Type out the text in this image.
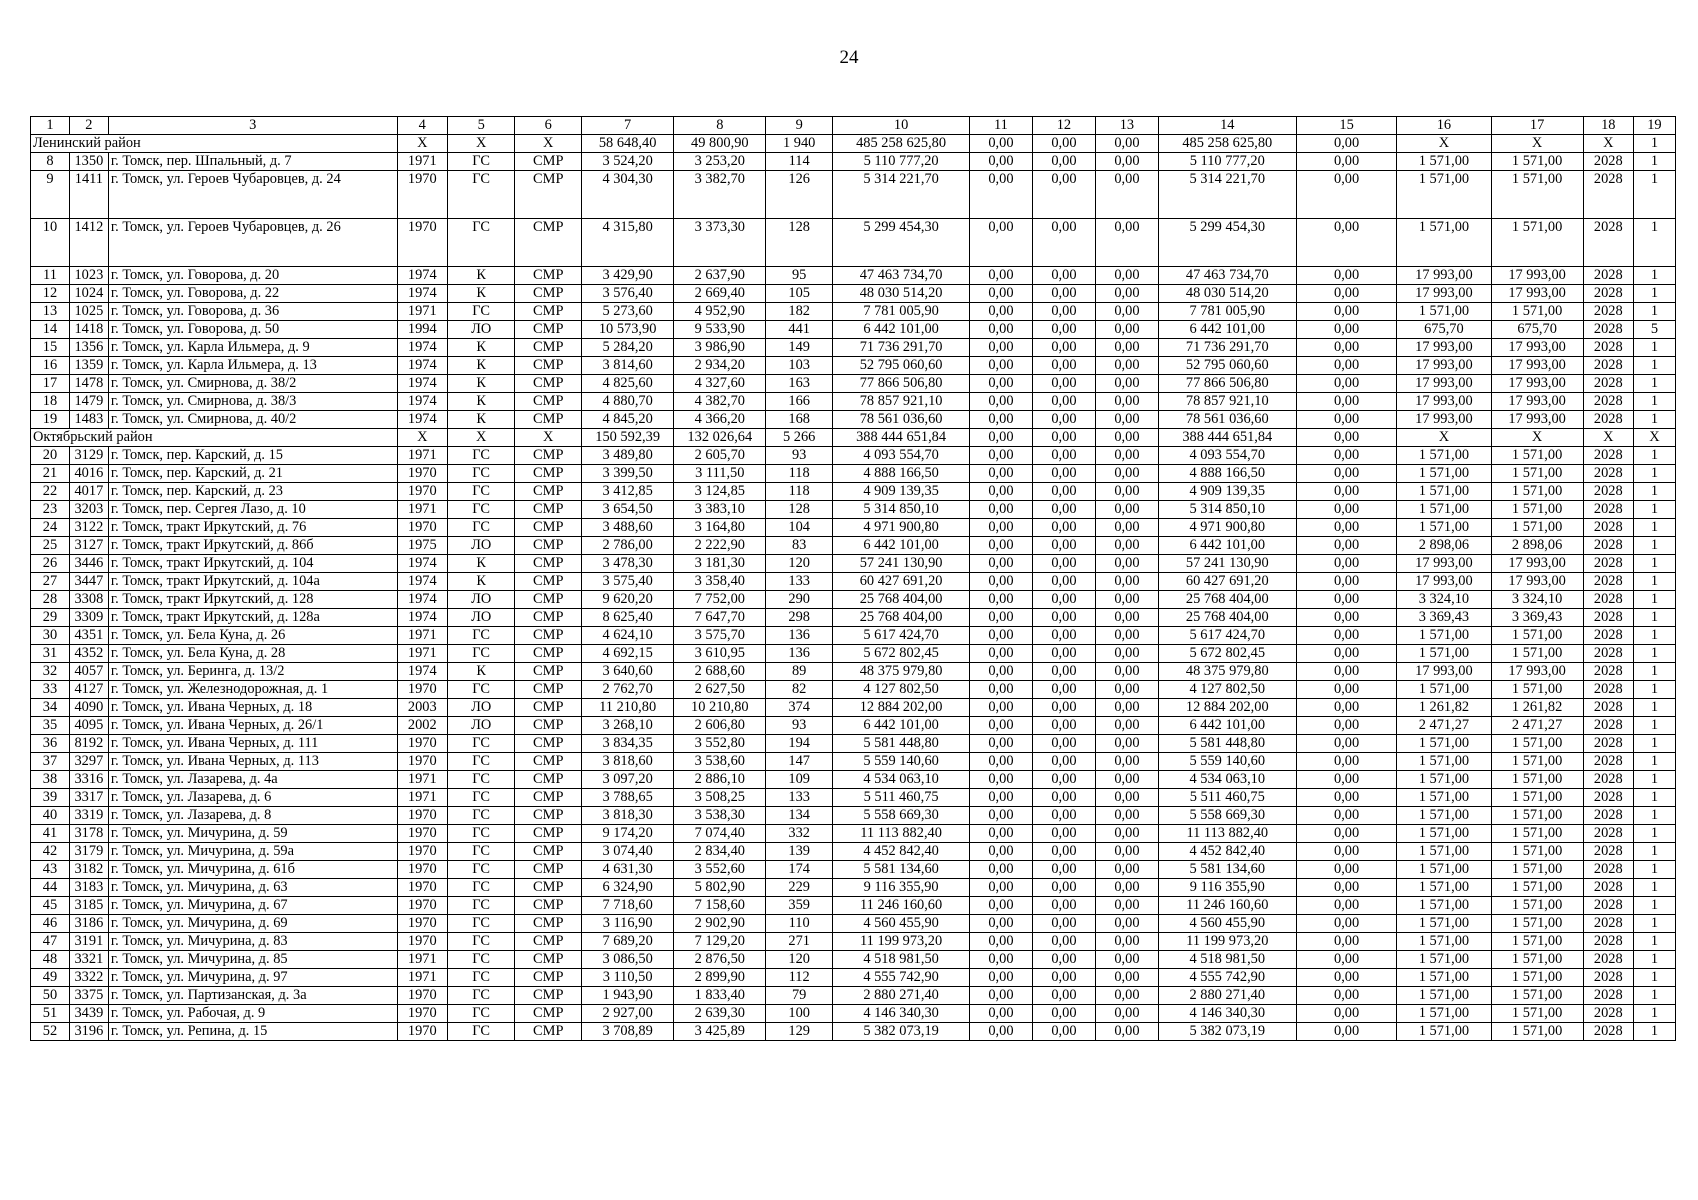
24
1	2	3	4	5	6	7	8	9	10	11	12	13	14	15	16	17	18	19
Ленинский район			X	X	X	58 648,40	49 800,90	1 940	485 258 625,80	0,00	0,00	0,00	485 258 625,80	0,00	X	X	X	1
8	1350	г. Томск, пер. Шпальный, д. 7	1971	ГС	СМР	3 524,20	3 253,20	114	5 110 777,20	0,00	0,00	0,00	5 110 777,20	0,00	1 571,00	1 571,00	2028	1
9	1411	г. Томск, ул. Героев Чубаровцев, д. 24	1970	ГС	СМР	4 304,30	3 382,70	126	5 314 221,70	0,00	0,00	0,00	5 314 221,70	0,00	1 571,00	1 571,00	2028	1
10	1412	г. Томск, ул. Героев Чубаровцев, д. 26	1970	ГС	СМР	4 315,80	3 373,30	128	5 299 454,30	0,00	0,00	0,00	5 299 454,30	0,00	1 571,00	1 571,00	2028	1
11	1023	г. Томск, ул. Говорова, д. 20	1974	К	СМР	3 429,90	2 637,90	95	47 463 734,70	0,00	0,00	0,00	47 463 734,70	0,00	17 993,00	17 993,00	2028	1
12	1024	г. Томск, ул. Говорова, д. 22	1974	К	СМР	3 576,40	2 669,40	105	48 030 514,20	0,00	0,00	0,00	48 030 514,20	0,00	17 993,00	17 993,00	2028	1
13	1025	г. Томск, ул. Говорова, д. 36	1971	ГС	СМР	5 273,60	4 952,90	182	7 781 005,90	0,00	0,00	0,00	7 781 005,90	0,00	1 571,00	1 571,00	2028	1
14	1418	г. Томск, ул. Говорова, д. 50	1994	ЛО	СМР	10 573,90	9 533,90	441	6 442 101,00	0,00	0,00	0,00	6 442 101,00	0,00	675,70	675,70	2028	5
15	1356	г. Томск, ул. Карла Ильмера, д. 9	1974	К	СМР	5 284,20	3 986,90	149	71 736 291,70	0,00	0,00	0,00	71 736 291,70	0,00	17 993,00	17 993,00	2028	1
16	1359	г. Томск, ул. Карла Ильмера, д. 13	1974	К	СМР	3 814,60	2 934,20	103	52 795 060,60	0,00	0,00	0,00	52 795 060,60	0,00	17 993,00	17 993,00	2028	1
17	1478	г. Томск, ул. Смирнова, д. 38/2	1974	К	СМР	4 825,60	4 327,60	163	77 866 506,80	0,00	0,00	0,00	77 866 506,80	0,00	17 993,00	17 993,00	2028	1
18	1479	г. Томск, ул. Смирнова, д. 38/3	1974	К	СМР	4 880,70	4 382,70	166	78 857 921,10	0,00	0,00	0,00	78 857 921,10	0,00	17 993,00	17 993,00	2028	1
19	1483	г. Томск, ул. Смирнова, д. 40/2	1974	К	СМР	4 845,20	4 366,20	168	78 561 036,60	0,00	0,00	0,00	78 561 036,60	0,00	17 993,00	17 993,00	2028	1
Октябрьский район			X	X	X	150 592,39	132 026,64	5 266	388 444 651,84	0,00	0,00	0,00	388 444 651,84	0,00	X	X	X	X
20	3129	г. Томск, пер. Карский, д. 15	1971	ГС	СМР	3 489,80	2 605,70	93	4 093 554,70	0,00	0,00	0,00	4 093 554,70	0,00	1 571,00	1 571,00	2028	1
21	4016	г. Томск, пер. Карский, д. 21	1970	ГС	СМР	3 399,50	3 111,50	118	4 888 166,50	0,00	0,00	0,00	4 888 166,50	0,00	1 571,00	1 571,00	2028	1
22	4017	г. Томск, пер. Карский, д. 23	1970	ГС	СМР	3 412,85	3 124,85	118	4 909 139,35	0,00	0,00	0,00	4 909 139,35	0,00	1 571,00	1 571,00	2028	1
23	3203	г. Томск, пер. Сергея Лазо, д. 10	1971	ГС	СМР	3 654,50	3 383,10	128	5 314 850,10	0,00	0,00	0,00	5 314 850,10	0,00	1 571,00	1 571,00	2028	1
24	3122	г. Томск, тракт Иркутский, д. 76	1970	ГС	СМР	3 488,60	3 164,80	104	4 971 900,80	0,00	0,00	0,00	4 971 900,80	0,00	1 571,00	1 571,00	2028	1
25	3127	г. Томск, тракт Иркутский, д. 86б	1975	ЛО	СМР	2 786,00	2 222,90	83	6 442 101,00	0,00	0,00	0,00	6 442 101,00	0,00	2 898,06	2 898,06	2028	1
26	3446	г. Томск, тракт Иркутский, д. 104	1974	К	СМР	3 478,30	3 181,30	120	57 241 130,90	0,00	0,00	0,00	57 241 130,90	0,00	17 993,00	17 993,00	2028	1
27	3447	г. Томск, тракт Иркутский, д. 104а	1974	К	СМР	3 575,40	3 358,40	133	60 427 691,20	0,00	0,00	0,00	60 427 691,20	0,00	17 993,00	17 993,00	2028	1
28	3308	г. Томск, тракт Иркутский, д. 128	1974	ЛО	СМР	9 620,20	7 752,00	290	25 768 404,00	0,00	0,00	0,00	25 768 404,00	0,00	3 324,10	3 324,10	2028	1
29	3309	г. Томск, тракт Иркутский, д. 128а	1974	ЛО	СМР	8 625,40	7 647,70	298	25 768 404,00	0,00	0,00	0,00	25 768 404,00	0,00	3 369,43	3 369,43	2028	1
30	4351	г. Томск, ул. Бела Куна, д. 26	1971	ГС	СМР	4 624,10	3 575,70	136	5 617 424,70	0,00	0,00	0,00	5 617 424,70	0,00	1 571,00	1 571,00	2028	1
31	4352	г. Томск, ул. Бела Куна, д. 28	1971	ГС	СМР	4 692,15	3 610,95	136	5 672 802,45	0,00	0,00	0,00	5 672 802,45	0,00	1 571,00	1 571,00	2028	1
32	4057	г. Томск, ул. Беринга, д. 13/2	1974	К	СМР	3 640,60	2 688,60	89	48 375 979,80	0,00	0,00	0,00	48 375 979,80	0,00	17 993,00	17 993,00	2028	1
33	4127	г. Томск, ул. Железнодорожная, д. 1	1970	ГС	СМР	2 762,70	2 627,50	82	4 127 802,50	0,00	0,00	0,00	4 127 802,50	0,00	1 571,00	1 571,00	2028	1
34	4090	г. Томск, ул. Ивана Черных, д. 18	2003	ЛО	СМР	11 210,80	10 210,80	374	12 884 202,00	0,00	0,00	0,00	12 884 202,00	0,00	1 261,82	1 261,82	2028	1
35	4095	г. Томск, ул. Ивана Черных, д. 26/1	2002	ЛО	СМР	3 268,10	2 606,80	93	6 442 101,00	0,00	0,00	0,00	6 442 101,00	0,00	2 471,27	2 471,27	2028	1
36	8192	г. Томск, ул. Ивана Черных, д. 111	1970	ГС	СМР	3 834,35	3 552,80	194	5 581 448,80	0,00	0,00	0,00	5 581 448,80	0,00	1 571,00	1 571,00	2028	1
37	3297	г. Томск, ул. Ивана Черных, д. 113	1970	ГС	СМР	3 818,60	3 538,60	147	5 559 140,60	0,00	0,00	0,00	5 559 140,60	0,00	1 571,00	1 571,00	2028	1
38	3316	г. Томск, ул. Лазарева, д. 4а	1971	ГС	СМР	3 097,20	2 886,10	109	4 534 063,10	0,00	0,00	0,00	4 534 063,10	0,00	1 571,00	1 571,00	2028	1
39	3317	г. Томск, ул. Лазарева, д. 6	1971	ГС	СМР	3 788,65	3 508,25	133	5 511 460,75	0,00	0,00	0,00	5 511 460,75	0,00	1 571,00	1 571,00	2028	1
40	3319	г. Томск, ул. Лазарева, д. 8	1970	ГС	СМР	3 818,30	3 538,30	134	5 558 669,30	0,00	0,00	0,00	5 558 669,30	0,00	1 571,00	1 571,00	2028	1
41	3178	г. Томск, ул. Мичурина, д. 59	1970	ГС	СМР	9 174,20	7 074,40	332	11 113 882,40	0,00	0,00	0,00	11 113 882,40	0,00	1 571,00	1 571,00	2028	1
42	3179	г. Томск, ул. Мичурина, д. 59а	1970	ГС	СМР	3 074,40	2 834,40	139	4 452 842,40	0,00	0,00	0,00	4 452 842,40	0,00	1 571,00	1 571,00	2028	1
43	3182	г. Томск, ул. Мичурина, д. 61б	1970	ГС	СМР	4 631,30	3 552,60	174	5 581 134,60	0,00	0,00	0,00	5 581 134,60	0,00	1 571,00	1 571,00	2028	1
44	3183	г. Томск, ул. Мичурина, д. 63	1970	ГС	СМР	6 324,90	5 802,90	229	9 116 355,90	0,00	0,00	0,00	9 116 355,90	0,00	1 571,00	1 571,00	2028	1
45	3185	г. Томск, ул. Мичурина, д. 67	1970	ГС	СМР	7 718,60	7 158,60	359	11 246 160,60	0,00	0,00	0,00	11 246 160,60	0,00	1 571,00	1 571,00	2028	1
46	3186	г. Томск, ул. Мичурина, д. 69	1970	ГС	СМР	3 116,90	2 902,90	110	4 560 455,90	0,00	0,00	0,00	4 560 455,90	0,00	1 571,00	1 571,00	2028	1
47	3191	г. Томск, ул. Мичурина, д. 83	1970	ГС	СМР	7 689,20	7 129,20	271	11 199 973,20	0,00	0,00	0,00	11 199 973,20	0,00	1 571,00	1 571,00	2028	1
48	3321	г. Томск, ул. Мичурина, д. 85	1971	ГС	СМР	3 086,50	2 876,50	120	4 518 981,50	0,00	0,00	0,00	4 518 981,50	0,00	1 571,00	1 571,00	2028	1
49	3322	г. Томск, ул. Мичурина, д. 97	1971	ГС	СМР	3 110,50	2 899,90	112	4 555 742,90	0,00	0,00	0,00	4 555 742,90	0,00	1 571,00	1 571,00	2028	1
50	3375	г. Томск, ул. Партизанская, д. 3а	1970	ГС	СМР	1 943,90	1 833,40	79	2 880 271,40	0,00	0,00	0,00	2 880 271,40	0,00	1 571,00	1 571,00	2028	1
51	3439	г. Томск, ул. Рабочая, д. 9	1970	ГС	СМР	2 927,00	2 639,30	100	4 146 340,30	0,00	0,00	0,00	4 146 340,30	0,00	1 571,00	1 571,00	2028	1
52	3196	г. Томск, ул. Репина, д. 15	1970	ГС	СМР	3 708,89	3 425,89	129	5 382 073,19	0,00	0,00	0,00	5 382 073,19	0,00	1 571,00	1 571,00	2028	1
